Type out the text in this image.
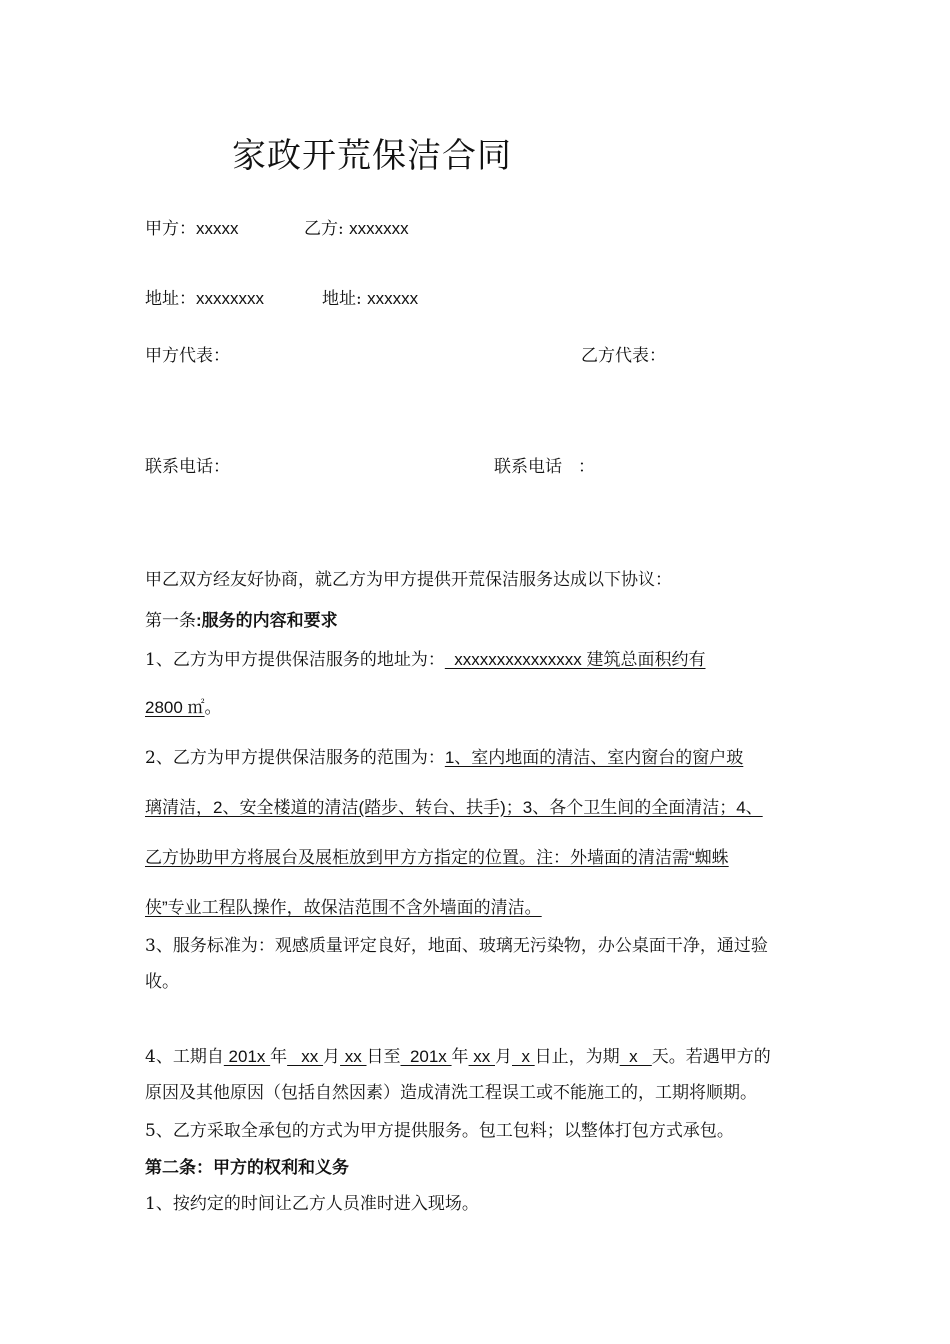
家政开荒保洁合同
甲方：xxxxx	乙方: xxxxxxx
地址：xxxxxxxx	地址: xxxxxx
甲方代表：	乙方代表：
联系电话：	联系电话 ：
甲乙双方经友好协商，就乙方为甲方提供开荒保洁服务达成以下协议：
第一条:服务的内容和要求
1、乙方为甲方提供保洁服务的地址为：  xxxxxxxxxxxxxxx 建筑总面积约有
2800 ㎡。
2、乙方为甲方提供保洁服务的范围为：1、室内地面的清洁、室内窗台的窗户玻
璃清洁，2、安全楼道的清洁(踏步、转台、扶手)；3、各个卫生间的全面清洁；4、
乙方协助甲方将展台及展柜放到甲方方指定的位置。注：外墙面的清洁需“蜘蛛
侠”专业工程队操作，故保洁范围不含外墙面的清洁。
3、服务标准为：观感质量评定良好，地面、玻璃无污染物，办公桌面干净，通过验
收。
4、工期自 201x 年   xx 月 xx 日至  201x 年 xx 月  x 日止，为期  x   天。若遇甲方的
原因及其他原因（包括自然因素）造成清洗工程误工或不能施工的，工期将顺期。
5、乙方采取全承包的方式为甲方提供服务。包工包料；以整体打包方式承包。
第二条：甲方的权利和义务
1、按约定的时间让乙方人员准时进入现场。
